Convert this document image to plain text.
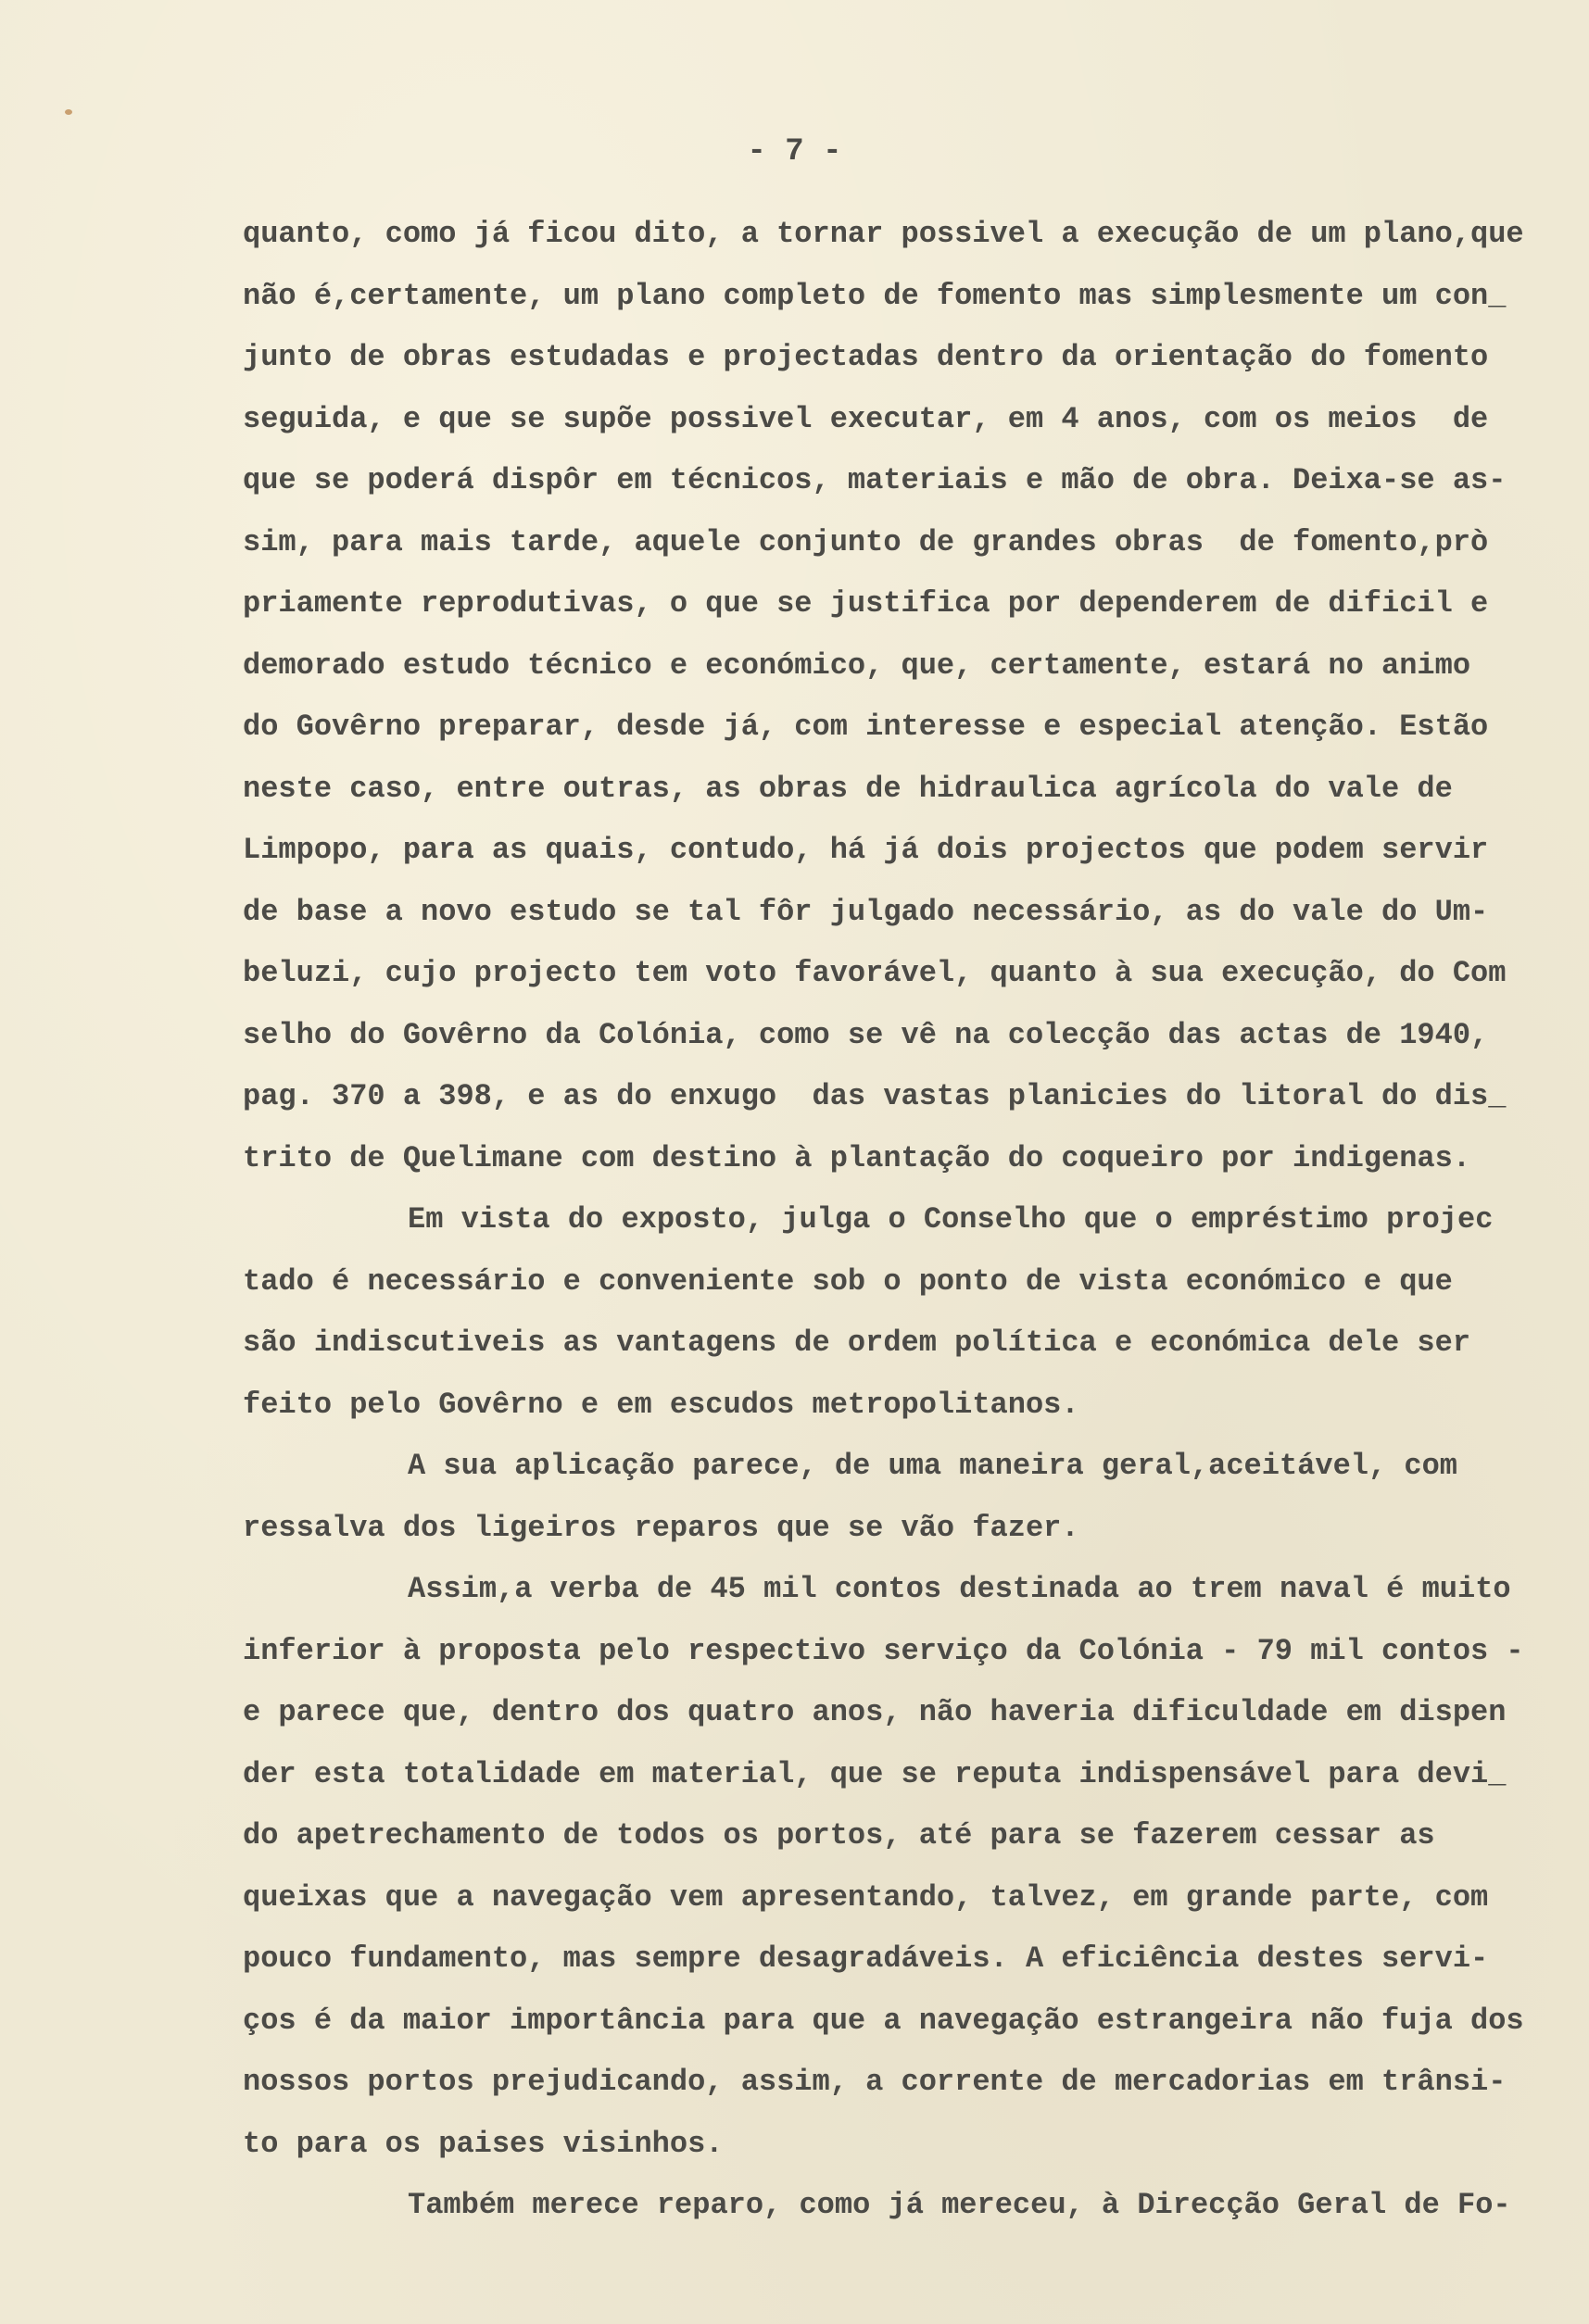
- 7 -
quanto, como já ficou dito, a tornar possivel a execução de um plano,que
não é,certamente, um plano completo de fomento mas simplesmente um con_
junto de obras estudadas e projectadas dentro da orientação do fomento
seguida, e que se supõe possivel executar, em 4 anos, com os meios  de
que se poderá dispôr em técnicos, materiais e mão de obra. Deixa-se as-
sim, para mais tarde, aquele conjunto de grandes obras  de fomento,prò
priamente reprodutivas, o que se justifica por dependerem de dificil e
demorado estudo técnico e económico, que, certamente, estará no animo
do Govêrno preparar, desde já, com interesse e especial atenção. Estão
neste caso, entre outras, as obras de hidraulica agrícola do vale de
Limpopo, para as quais, contudo, há já dois projectos que podem servir
de base a novo estudo se tal fôr julgado necessário, as do vale do Um-
beluzi, cujo projecto tem voto favorável, quanto à sua execução, do Com
selho do Govêrno da Colónia, como se vê na colecção das actas de 1940,
pag. 370 a 398, e as do enxugo  das vastas planicies do litoral do dis_
trito de Quelimane com destino à plantação do coqueiro por indigenas.
Em vista do exposto, julga o Conselho que o empréstimo projec
tado é necessário e conveniente sob o ponto de vista económico e que
são indiscutiveis as vantagens de ordem política e económica dele ser
feito pelo Govêrno e em escudos metropolitanos.
A sua aplicação parece, de uma maneira geral,aceitável, com
ressalva dos ligeiros reparos que se vão fazer.
Assim,a verba de 45 mil contos destinada ao trem naval é muito
inferior à proposta pelo respectivo serviço da Colónia - 79 mil contos -
e parece que, dentro dos quatro anos, não haveria dificuldade em dispen
der esta totalidade em material, que se reputa indispensável para devi_
do apetrechamento de todos os portos, até para se fazerem cessar as
queixas que a navegação vem apresentando, talvez, em grande parte, com
pouco fundamento, mas sempre desagradáveis. A eficiência destes servi-
ços é da maior importância para que a navegação estrangeira não fuja dos
nossos portos prejudicando, assim, a corrente de mercadorias em trânsi-
to para os paises visinhos.
Também merece reparo, como já mereceu, à Direcção Geral de Fo-
